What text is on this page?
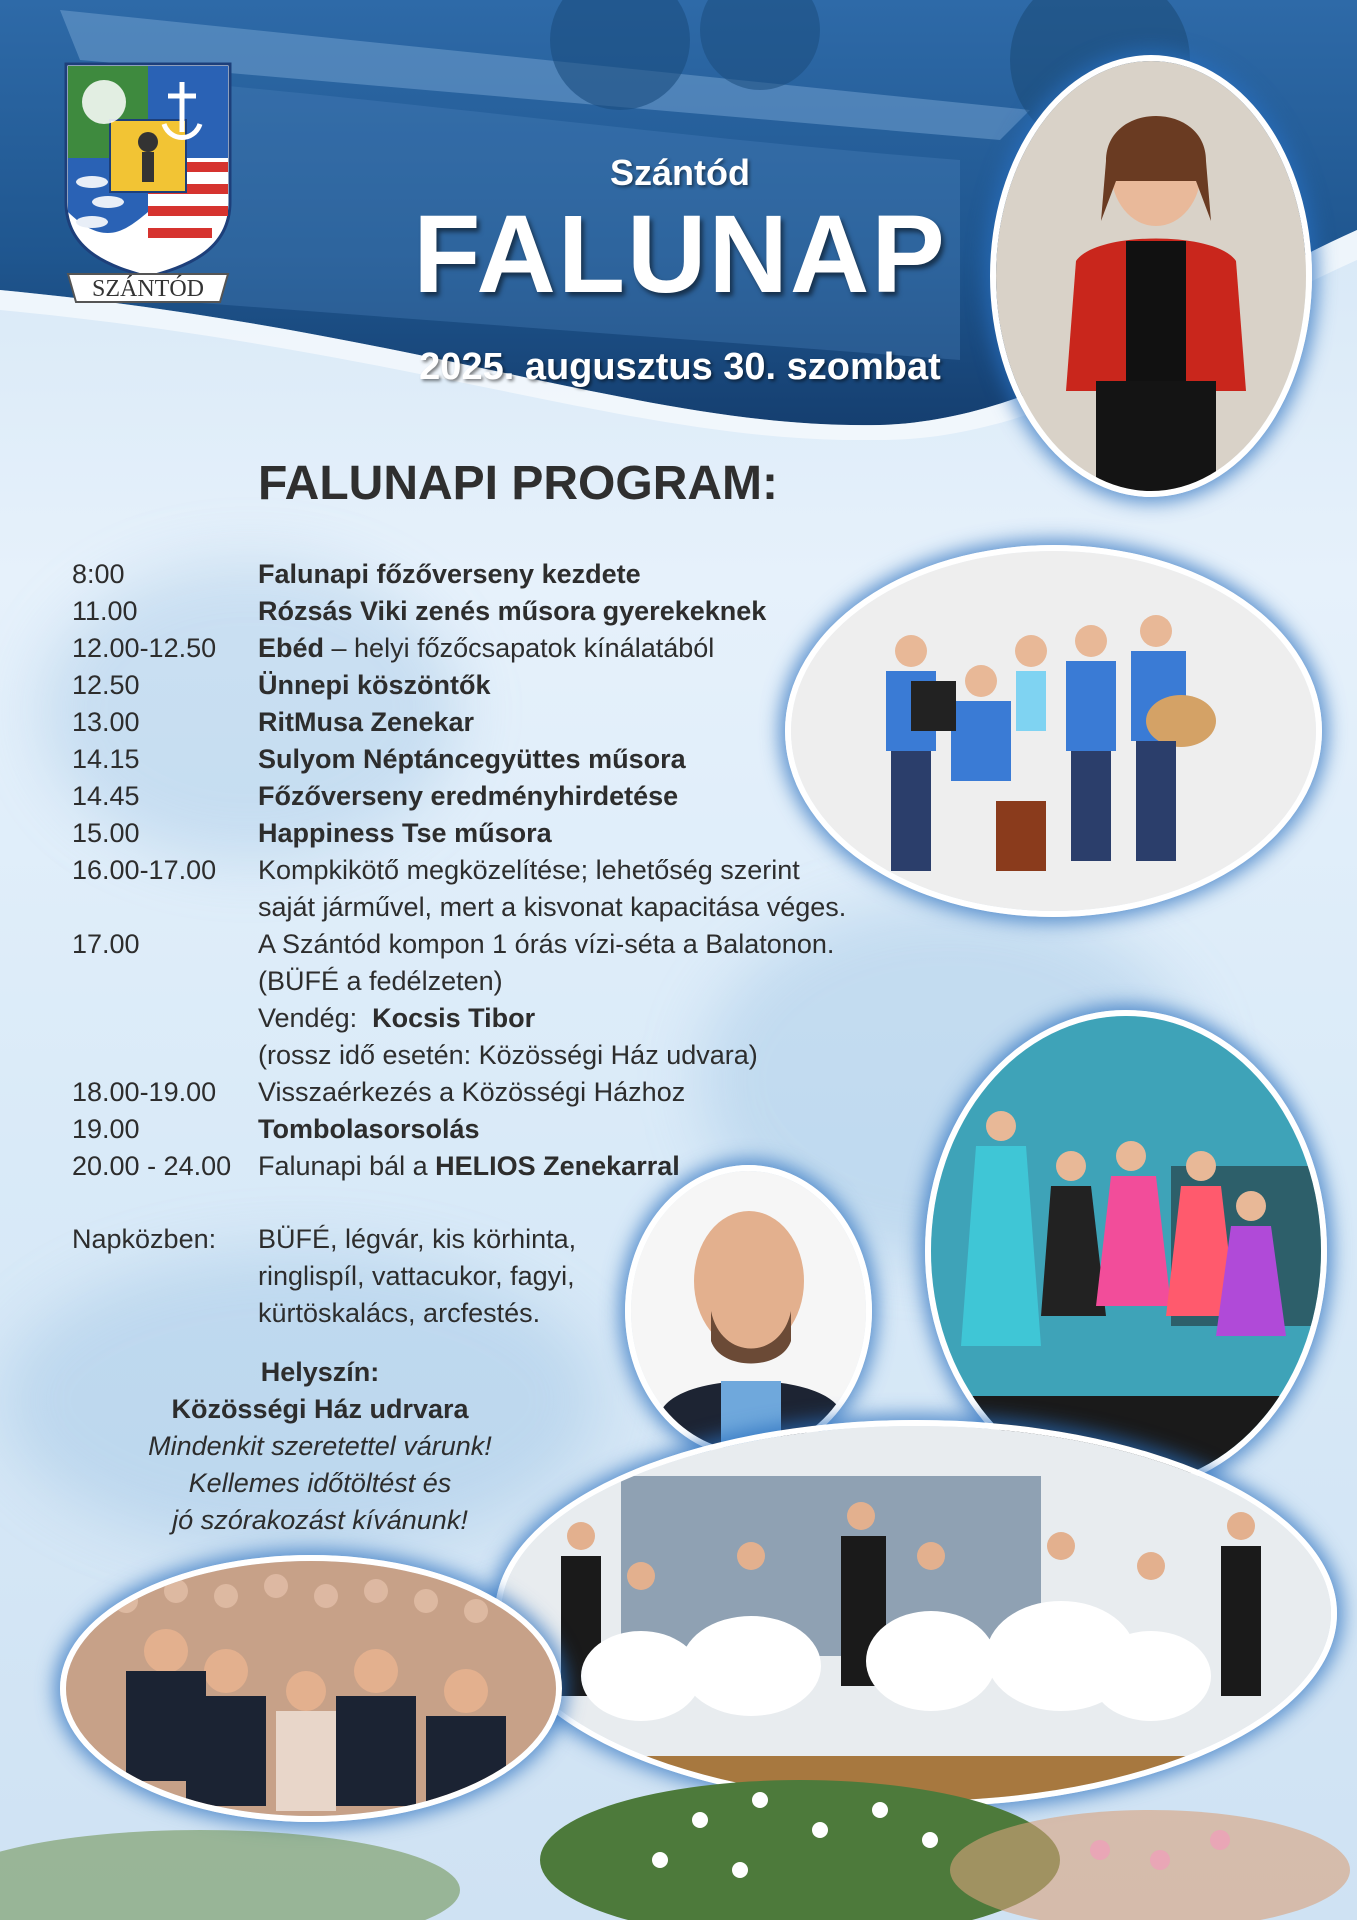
SZÁNTÓD
Szántód
FALUNAP
2025. augusztus 30. szombat
FALUNAPI PROGRAM:
8:00	Falunapi főzőverseny kezdete
11.00	Rózsás Viki zenés műsora gyerekeknek
12.00-12.50	Ebéd – helyi főzőcsapatok kínálatából
12.50	Ünnepi köszöntők
13.00	RitMusa Zenekar
14.15	Sulyom Néptáncegyüttes műsora
14.45	Főzőverseny eredményhirdetése
15.00	Happiness Tse műsora
16.00-17.00	Kompkikötő megközelítése; lehetőség szerint
saját járművel, mert a kisvonat kapacitása véges.
17.00	A Szántód kompon 1 órás vízi-séta a Balatonon.
(BÜFÉ a fedélzeten)
Vendég:  Kocsis Tibor
(rossz idő esetén: Közösségi Ház udvara)
18.00-19.00	Visszaérkezés a Közösségi Házhoz
19.00	Tombolasorsolás
20.00 - 24.00 Falunapi bál a HELIOS Zenekarral
Napközben:	BÜFÉ, légvár, kis körhinta,
ringlispíl, vattacukor, fagyi,
kürtöskalács, arcfestés.
Helyszín:
Közösségi Ház udrvara
Mindenkit szeretettel várunk!
Kellemes időtöltést és
jó szórakozást kívánunk!
